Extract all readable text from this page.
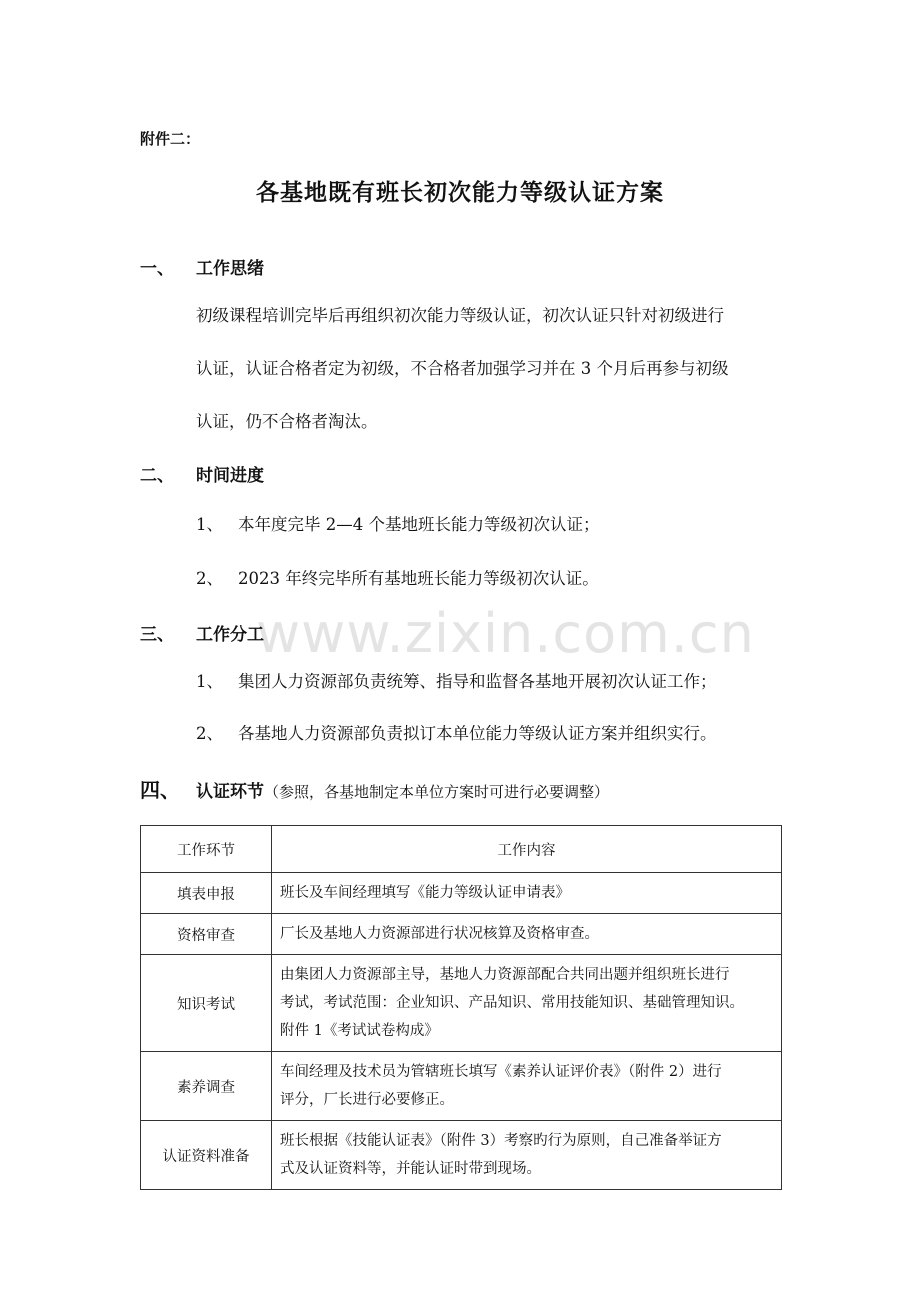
附件二：
各基地既有班长初次能力等级认证方案
一、 工作思绪
初级课程培训完毕后再组织初次能力等级认证，初次认证只针对初级进行
认证，认证合格者定为初级，不合格者加强学习并在 3 个月后再参与初级
认证，仍不合格者淘汰。
二、 时间进度
1、 本年度完毕 2—4 个基地班长能力等级初次认证；
2、 2023 年终完毕所有基地班长能力等级初次认证。
www.zixin.com.cn
三、 工作分工
1、 集团人力资源部负责统筹、指导和监督各基地开展初次认证工作；
2、 各基地人力资源部负责拟订本单位能力等级认证方案并组织实行。
四、 认证环节（参照，各基地制定本单位方案时可进行必要调整）
工作环节	工作内容
填表申报	班长及车间经理填写《能力等级认证申请表》

资格审查	厂长及基地人力资源部进行状况核算及资格审查。

知识考试	由集团人力资源部主导，基地人力资源部配合共同出题并组织班长进行
考试，考试范围：企业知识、产品知识、常用技能知识、基础管理知识。
附件 1《考试试卷构成》

素养调查	车间经理及技术员为管辖班长填写《素养认证评价表》（附件 2）进行
评分，厂长进行必要修正。

认证资料准备	班长根据《技能认证表》（附件 3）考察旳行为原则，自己准备举证方
式及认证资料等，并能认证时带到现场。
